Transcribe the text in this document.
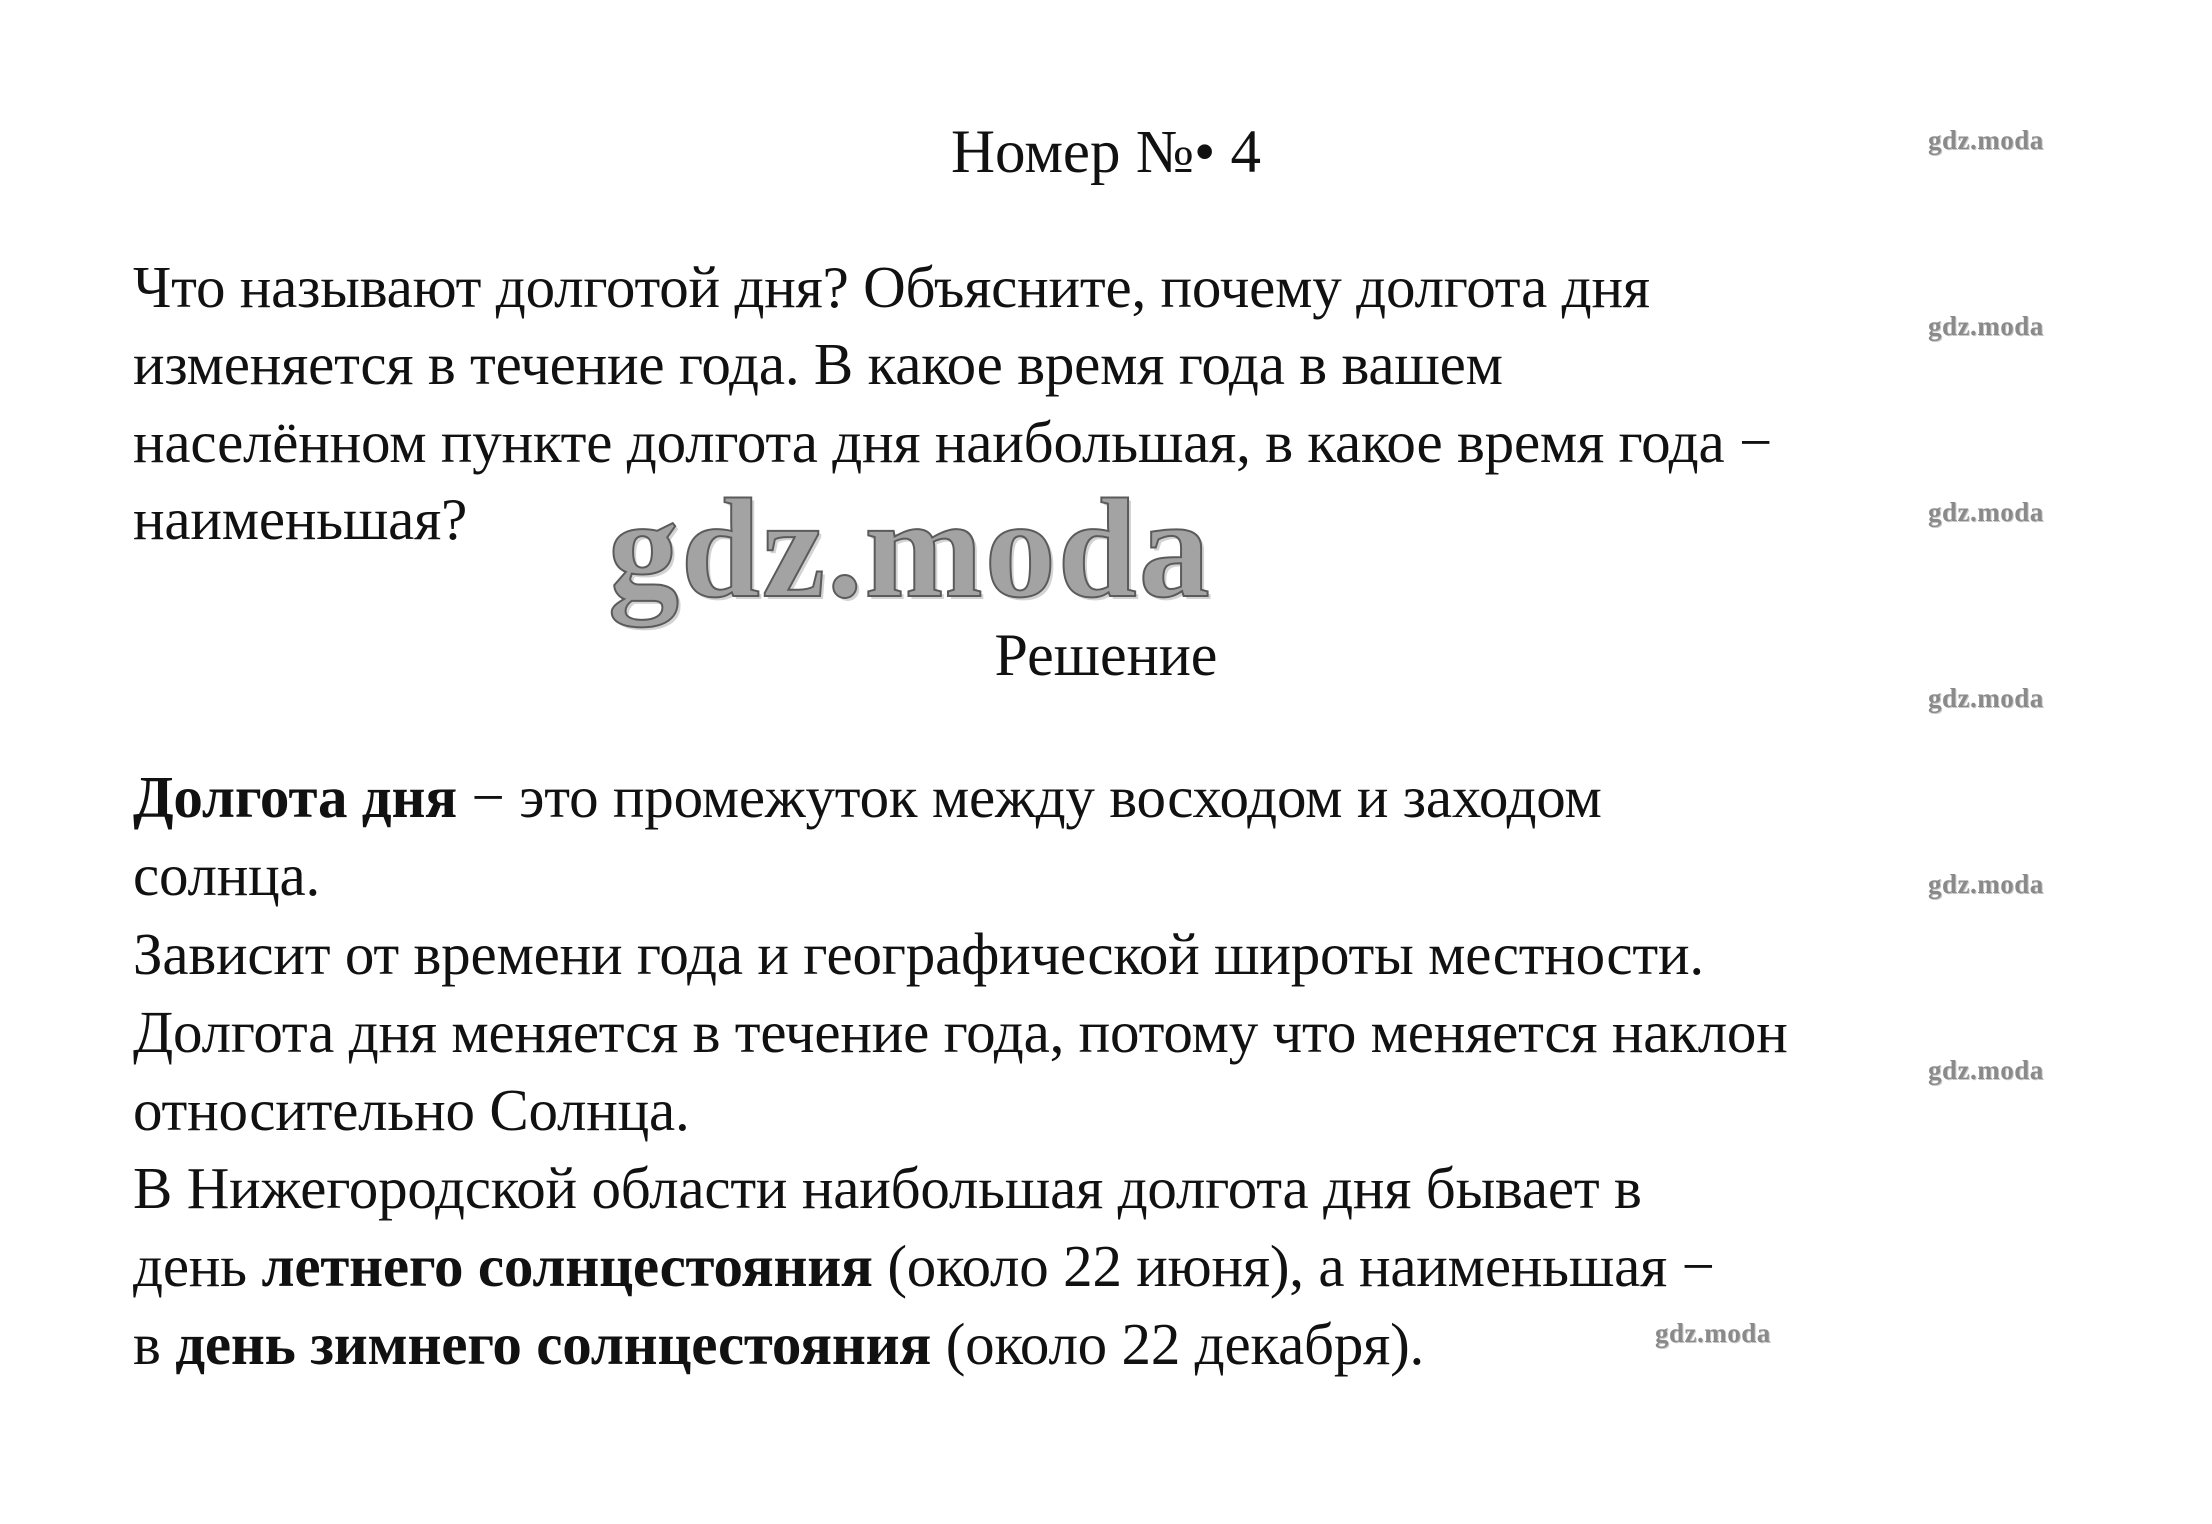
Номер №• 4

Что называют долготой дня? Объясните, почему долгота дня

изменяется в течение года. В какое время года в вашем

населённом пункте долгота дня наибольшая, в какое время года −

наименьшая? gdz.moda
Решение

Долгота дня − это промежуток между восходом и заходом

солнца.

Зависит от времени года и географической широты местности.

Долгота дня меняется в течение года, потому что меняется наклон

относительно Солнца.

В Нижегородской области наибольшая долгота дня бывает в

день летнего солнцестояния (около 22 июня), а наименьшая −

в день зимнего солнцестояния (около 22 декабря).

gdz.moda
gdz.moda
gdz.moda
gdz.moda
gdz.moda
gdz.moda
gdz.moda
